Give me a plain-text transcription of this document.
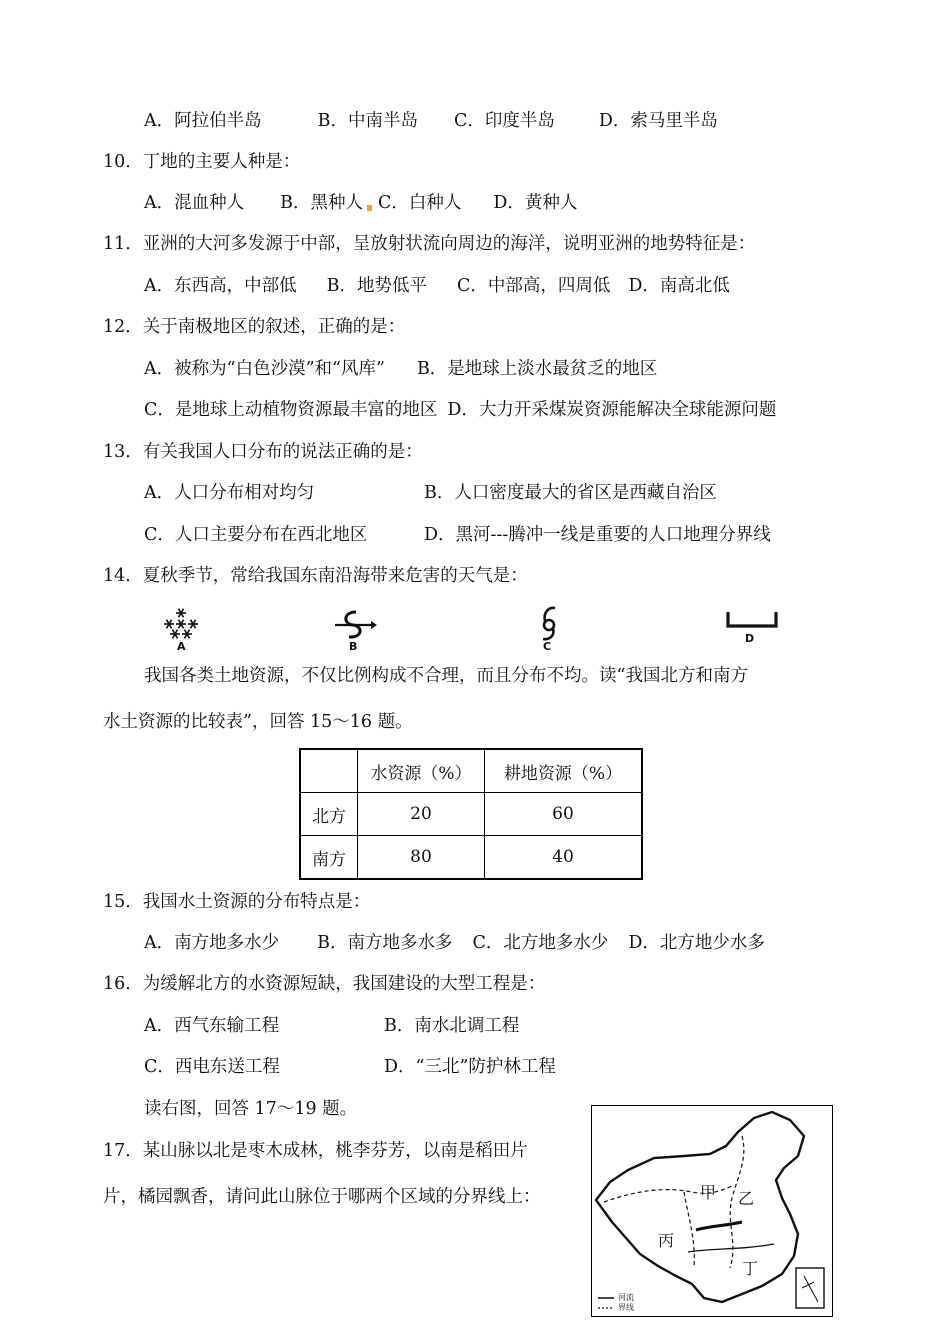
A．阿拉伯半岛	B．中南半岛 C．印度半岛	D．索马里半岛
10．丁地的主要人种是：
A．混血种人 B．黑种人 C．白种人 D．黄种人
11．亚洲的大河多发源于中部，呈放射状流向周边的海洋，说明亚洲的地势特征是：
A．东西高，中部低 B．地势低平 C．中部高，四周低 D．南高北低
12．关于南极地区的叙述，正确的是：
A．被称为“白色沙漠”和“风库” B．是地球上淡水最贫乏的地区
C．是地球上动植物资源最丰富的地区 D．大力开采煤炭资源能解决全球能源问题
13．有关我国人口分布的说法正确的是：
A．人口分布相对均匀	B．人口密度最大的省区是西藏自治区
C．人口主要分布在西北地区	D．黑河---腾冲一线是重要的人口地理分界线
14．夏秋季节，常给我国东南沿海带来危害的天气是：
A	B	C
D
我国各类土地资源，不仅比例构成不合理，而且分布不均。读“我国北方和南方
水土资源的比较表”，回答 15～16 题。
	水资源（%）	耕地资源（%）
北方	20	60
南方	80	40
15．我国水土资源的分布特点是：
A．南方地多水少 B．南方地多水多 C．北方地多水少 D．北方地少水多
16．为缓解北方的水资源短缺，我国建设的大型工程是：
A．西气东输工程	B．南水北调工程
C．西电东送工程	D．“三北”防护林工程
读右图，回答 17～19 题。
17．某山脉以北是枣木成林，桃李芬芳，以南是稻田片
片，橘园飘香，请问此山脉位于哪两个区域的分界线上：	甲 乙
丙
丁
河流
界线
